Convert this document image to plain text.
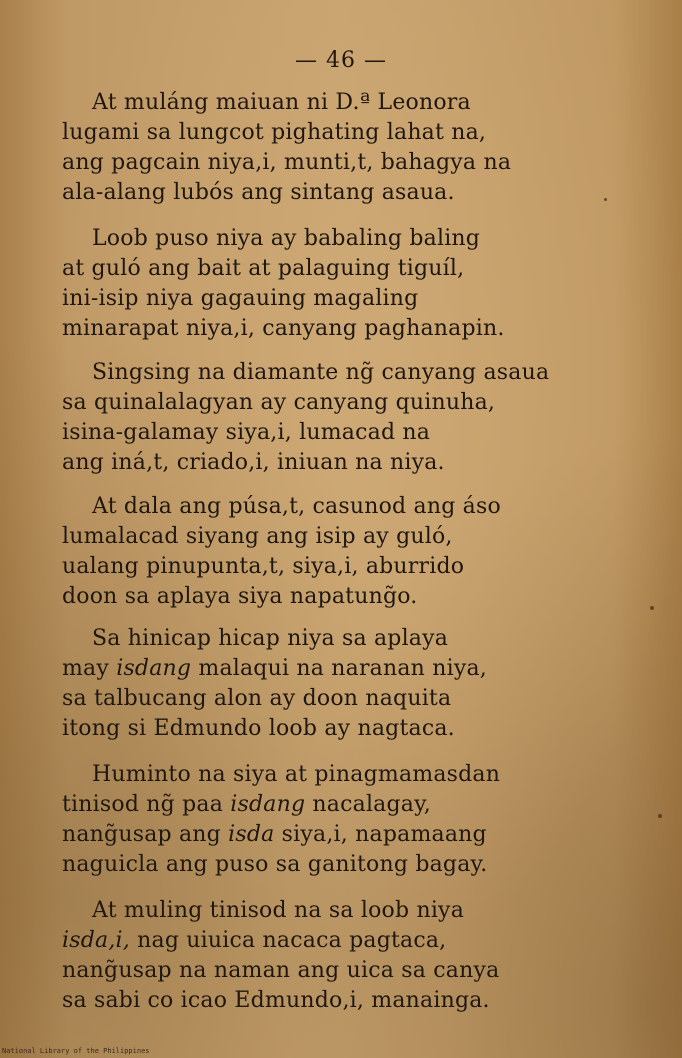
— 46 —
At muláng maiuan ni D.ª Leonora
lugami sa lungcot pighating lahat na,
ang pagcain niya,i, munti,t, bahagya na
ala-alang lubós ang sintang asaua.
Loob puso niya ay babaling baling
at guló ang bait at palaguing tiguíl,
ini-isip niya gagauing magaling
minarapat niya,i, canyang paghanapin.
Singsing na diamante ng̃ canyang asaua
sa quinalalagyan ay canyang quinuha,
isina-galamay siya,i, lumacad na
ang iná,t, criado,i, iniuan na niya.
At dala ang púsa,t, casunod ang áso
lumalacad siyang ang isip ay guló,
ualang pinupunta,t, siya,i, aburrido
doon sa aplaya siya napatung̃o.
Sa hinicap hicap niya sa aplaya
may isdang malaqui na naranan niya,
sa talbucang alon ay doon naquita
itong si Edmundo loob ay nagtaca.
Huminto na siya at pinagmamasdan
tinisod ng̃ paa isdang nacalagay,
nang̃usap ang isda siya,i, napamaang
naguicla ang puso sa ganitong bagay.
At muling tinisod na sa loob niya
isda,i, nag uiuica nacaca pagtaca,
nang̃usap na naman ang uica sa canya
sa sabi co icao Edmundo,i, manainga.
National Library of the Philippines
